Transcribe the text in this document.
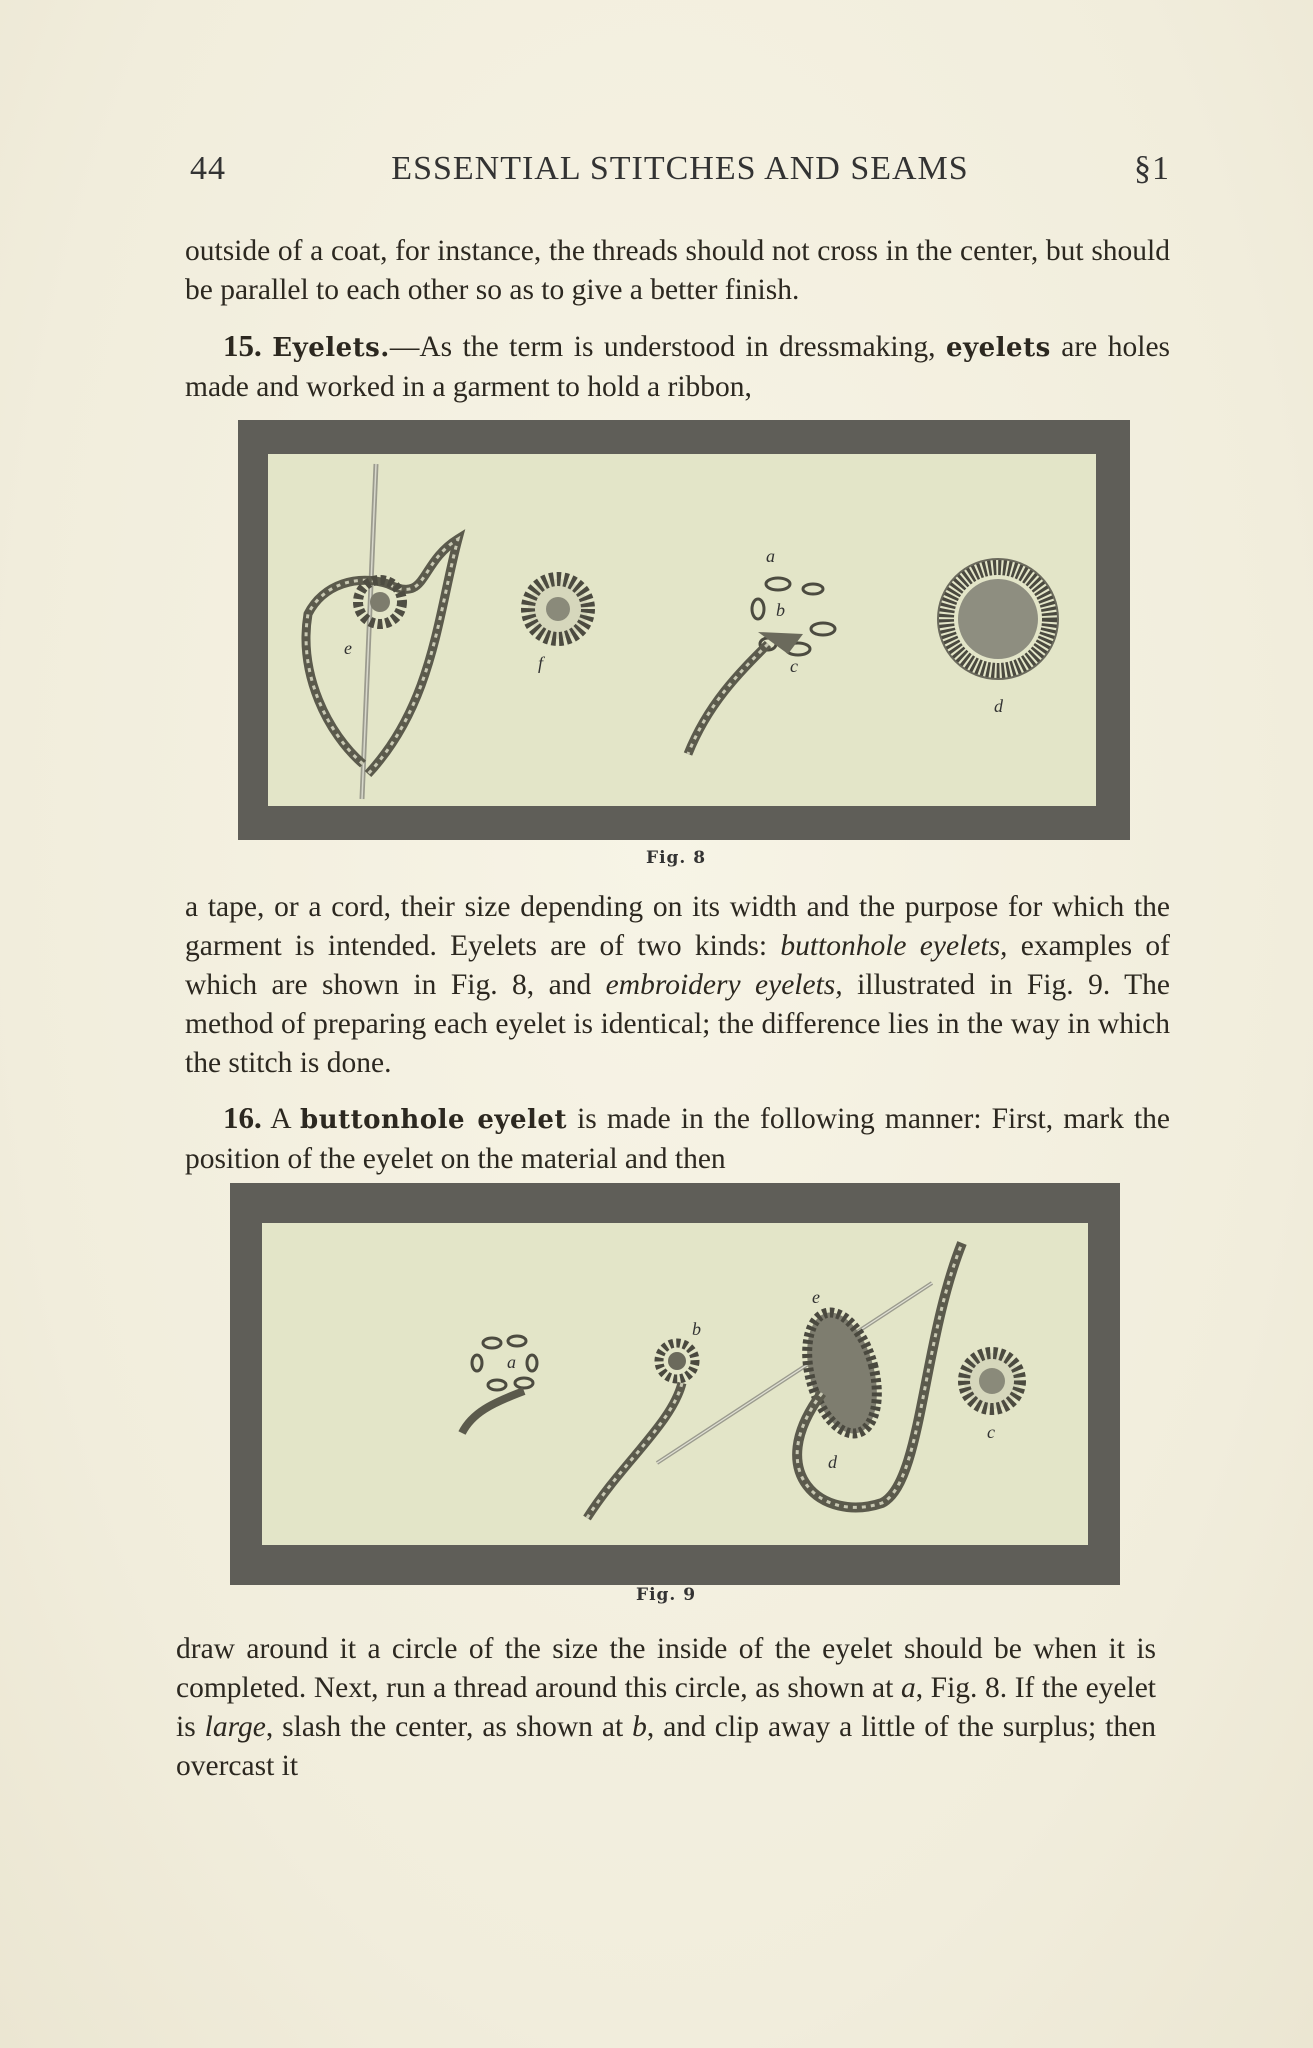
44	ESSENTIAL STITCHES AND SEAMS	§1

outside of a coat, for instance, the threads should not cross in the center, but should be parallel to each other so as to give a better finish.

15. Eyelets.—As the term is understood in dressmaking, eyelets are holes made and worked in a garment to hold a ribbon,

a
b
c
d
e
f
Fig. 8

a tape, or a cord, their size depending on its width and the purpose for which the garment is intended. Eyelets are of two kinds: buttonhole eyelets, examples of which are shown in Fig. 8, and embroidery eyelets, illustrated in Fig. 9. The method of preparing each eyelet is identical; the difference lies in the way in which the stitch is done.

16. A buttonhole eyelet is made in the following manner: First, mark the position of the eyelet on the material and then

a
b
c
d
e
Fig. 9

draw around it a circle of the size the inside of the eyelet should be when it is completed. Next, run a thread around this circle, as shown at a, Fig. 8. If the eyelet is large, slash the center, as shown at b, and clip away a little of the surplus; then overcast it
